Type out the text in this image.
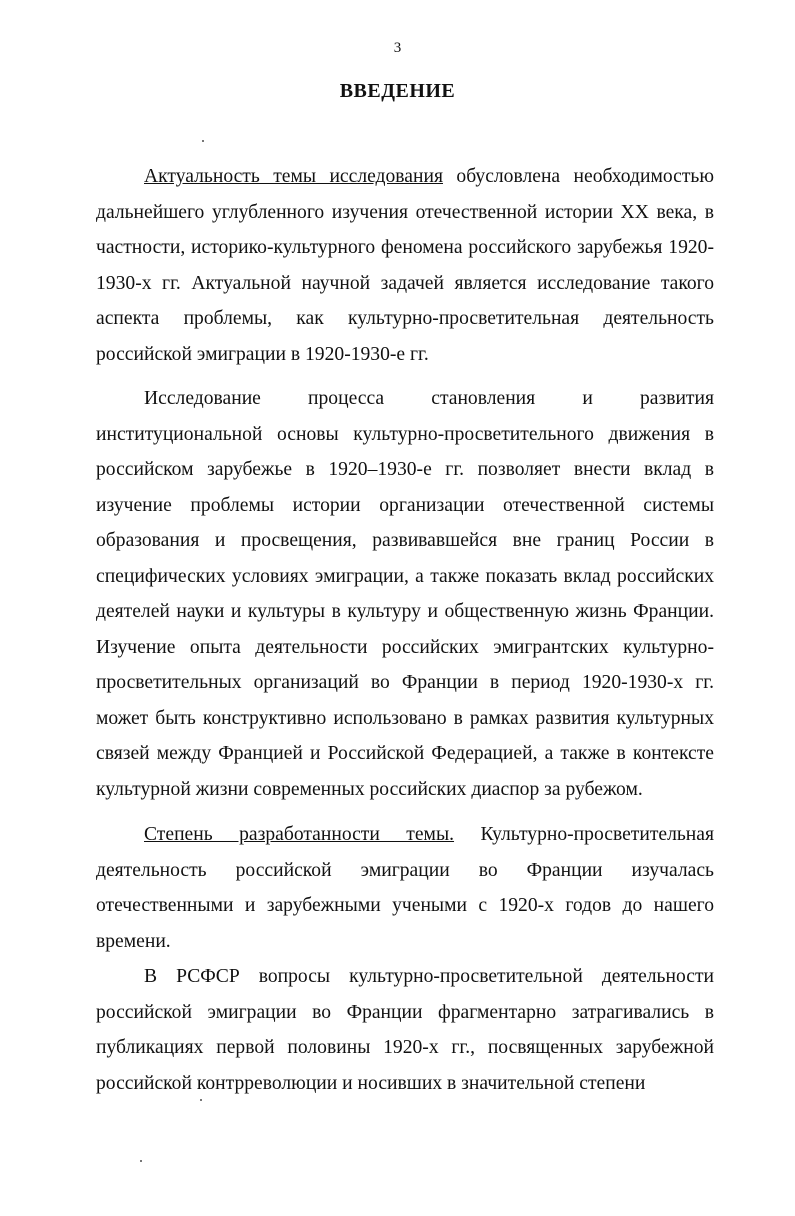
3
ВВЕДЕНИЕ

Актуальность темы исследования обусловлена необходимостью дальнейшего углубленного изучения отечественной истории XX века, в частности, историко-культурного феномена российского зарубежья 1920-1930-х гг. Актуальной научной задачей является исследование такого аспекта проблемы, как культурно-просветительная деятельность российской эмиграции в 1920-1930-е гг.

Исследование процесса становления и развития институциональной основы культурно-просветительного движения в российском зарубежье в 1920–1930-е гг. позволяет внести вклад в изучение проблемы истории организации отечественной системы образования и просвещения, развивавшейся вне границ России в специфических условиях эмиграции, а также показать вклад российских деятелей науки и культуры в культуру и общественную жизнь Франции. Изучение опыта деятельности российских эмигрантских культурно-просветительных организаций во Франции в период 1920-1930-х гг. может быть конструктивно использовано в рамках развития культурных связей между Францией и Российской Федерацией, а также в контексте культурной жизни современных российских диаспор за рубежом.

Степень разработанности темы. Культурно-просветительная деятельность российской эмиграции во Франции изучалась отечественными и зарубежными учеными с 1920-х годов до нашего времени.

В РСФСР вопросы культурно-просветительной деятельности российской эмиграции во Франции фрагментарно затрагивались в публикациях первой половины 1920-х гг., посвященных зарубежной российской контрреволюции и носивших в значительной степени
